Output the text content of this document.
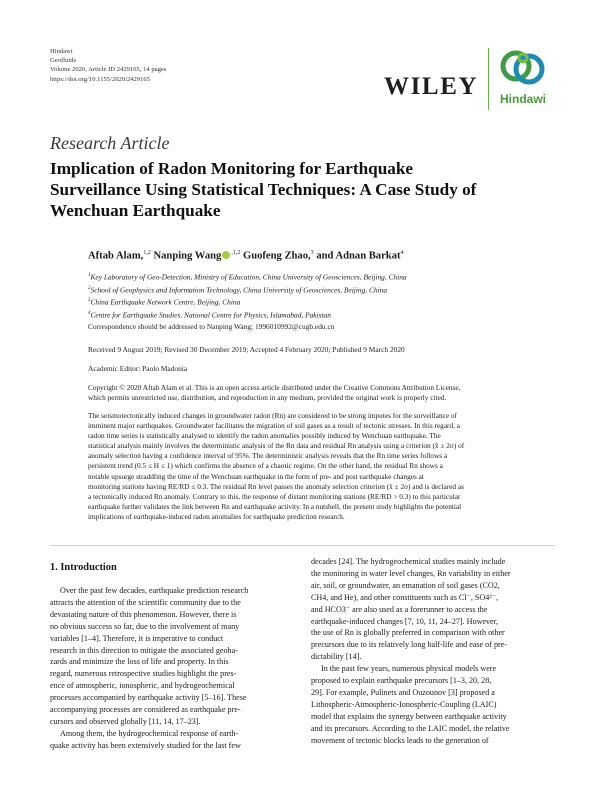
Hindawi
Geofluids
Volume 2020, Article ID 2429165, 14 pages
https://doi.org/10.1155/2020/2429165	WILEY Hindawi
Research Article
Implication of Radon Monitoring for Earthquake
Surveillance Using Statistical Techniques: A Case Study of
Wenchuan Earthquake
Aftab Alam,$^{1,2}$ Nanping Wang $^{,1,2}$ Guofeng Zhao,$^3$ and Adnan Barkat$^4$
$^1$Key Laboratory of Geo-Detection, Ministry of Education, China University of Geosciences, Beijing, China
$^2$School of Geophysics and Information Technology, China University of Geosciences, Beijing, China
$^3$China Earthquake Network Centre, Beijing, China
$^4$Centre for Earthquake Studies, National Centre for Physics, Islamabad, Pakistan
Correspondence should be addressed to Nanping Wang; 1996010992@cugb.edu.cn
Received 9 August 2019; Revised 30 December 2019; Accepted 4 February 2020; Published 9 March 2020
Academic Editor: Paolo Madonia
Copyright © 2020 Aftab Alam et al. This is an open access article distributed under the Creative Commons Attribution License,
which permits unrestricted use, distribution, and reproduction in any medium, provided the original work is properly cited.
The seismotectonically induced changes in groundwater radon (Rn) are considered to be strong imputes for the surveillance of
imminent major earthquakes. Groundwater facilitates the migration of soil gases as a result of tectonic stresses. In this regard, a
radon time series is statistically analysed to identify the radon anomalies possibly induced by Wenchuan earthquake. The
statistical analysis mainly involves the deterministic analysis of the Rn data and residual Rn analysis using a criterion (x̄ ± 2σ) of
anomaly selection having a confidence interval of 95%. The deterministic analysis reveals that the Rn time series follows a
persistent trend (0.5 ≤ H ≤ 1) which confirms the absence of a chaotic regime. On the other hand, the residual Rn shows a
notable upsurge straddling the time of the Wenchuan earthquake in the form of pre- and post earthquake changes at
monitoring stations having RE/RD ≤ 0.3. The residual Rn level passes the anomaly selection criterion (x̄ ± 2σ) and is declared as
a tectonically induced Rn anomaly. Contrary to this, the response of distant monitoring stations (RE/RD > 0.3) to this particular
earthquake further validates the link between Rn and earthquake activity. In a nutshell, the present study highlights the potential
implications of earthquake-induced radon anomalies for earthquake prediction research.
1. Introduction
Over the past few decades, earthquake prediction research
attracts the attention of the scientific community due to the
devastating nature of this phenomenon. However, there is
no obvious success so far, due to the involvement of many
variables [1–4]. Therefore, it is imperative to conduct
research in this direction to mitigate the associated geoha-
zards and minimize the loss of life and property. In this
regard, numerous retrospective studies highlight the pres-
ence of atmospheric, ionospheric, and hydrogeochemical
processes accompanied by earthquake activity [5–16]. These
accompanying processes are considered as earthquake pre-
cursors and observed globally [11, 14, 17–23].
Among them, the hydrogeochemical response of earth-
quake activity has been extensively studied for the last few
decades [24]. The hydrogeochemical studies mainly include
the monitoring in water level changes, Rn variability in either
air, soil, or groundwater, an emanation of soil gases (CO2,
CH4, and He), and other constituents such as Cl⁻, SO4²⁻,
and HCO3⁻ are also used as a forerunner to access the
earthquake-induced changes [7, 10, 11, 24–27]. However,
the use of Rn is globally preferred in comparison with other
precursors due to its relatively long half-life and ease of pre-
dictability [14].
In the past few years, numerous physical models were
proposed to explain earthquake precursors [1–3, 20, 28,
29]. For example, Pulinets and Ouzounov [3] proposed a
Lithospheric-Atmospheric-Ionospheric-Coupling (LAIC)
model that explains the synergy between earthquake activity
and its precursors. According to the LAIC model, the relative
movement of tectonic blocks leads to the generation of
